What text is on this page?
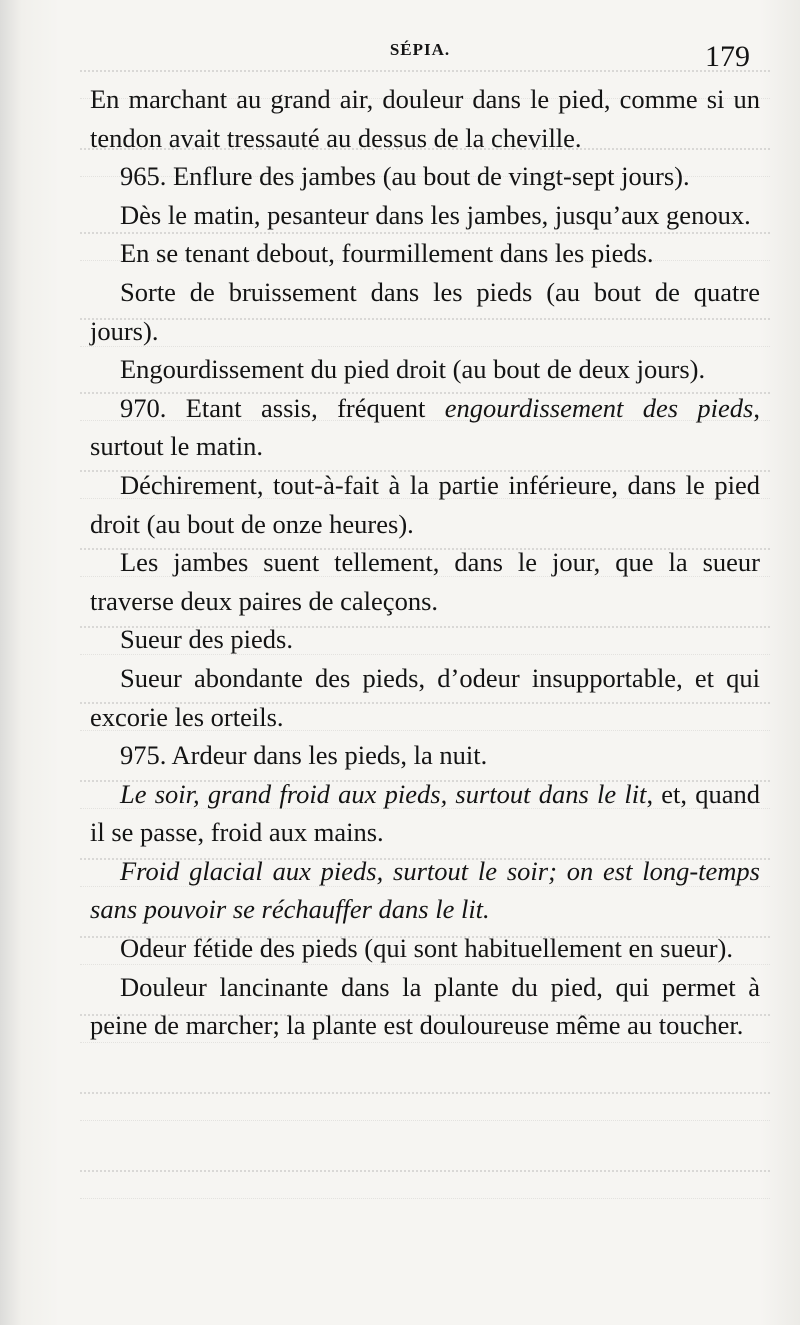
SÉPIA.	179

En marchant au grand air, douleur dans le pied, comme si un tendon avait tressauté au dessus de la cheville.

965. Enflure des jambes (au bout de vingt-sept jours).

Dès le matin, pesanteur dans les jambes, jusqu’aux genoux.

En se tenant debout, fourmillement dans les pieds.

Sorte de bruissement dans les pieds (au bout de quatre jours).

Engourdissement du pied droit (au bout de deux jours).

970. Etant assis, fréquent engourdissement des pieds, surtout le matin.

Déchirement, tout-à-fait à la partie inférieure, dans le pied droit (au bout de onze heures).

Les jambes suent tellement, dans le jour, que la sueur traverse deux paires de caleçons.

Sueur des pieds.

Sueur abondante des pieds, d’odeur insupportable, et qui excorie les orteils.

975. Ardeur dans les pieds, la nuit.

Le soir, grand froid aux pieds, surtout dans le lit, et, quand il se passe, froid aux mains.

Froid glacial aux pieds, surtout le soir; on est long-temps sans pouvoir se réchauffer dans le lit.

Odeur fétide des pieds (qui sont habituellement en sueur).

Douleur lancinante dans la plante du pied, qui permet à peine de marcher; la plante est douloureuse même au toucher.
